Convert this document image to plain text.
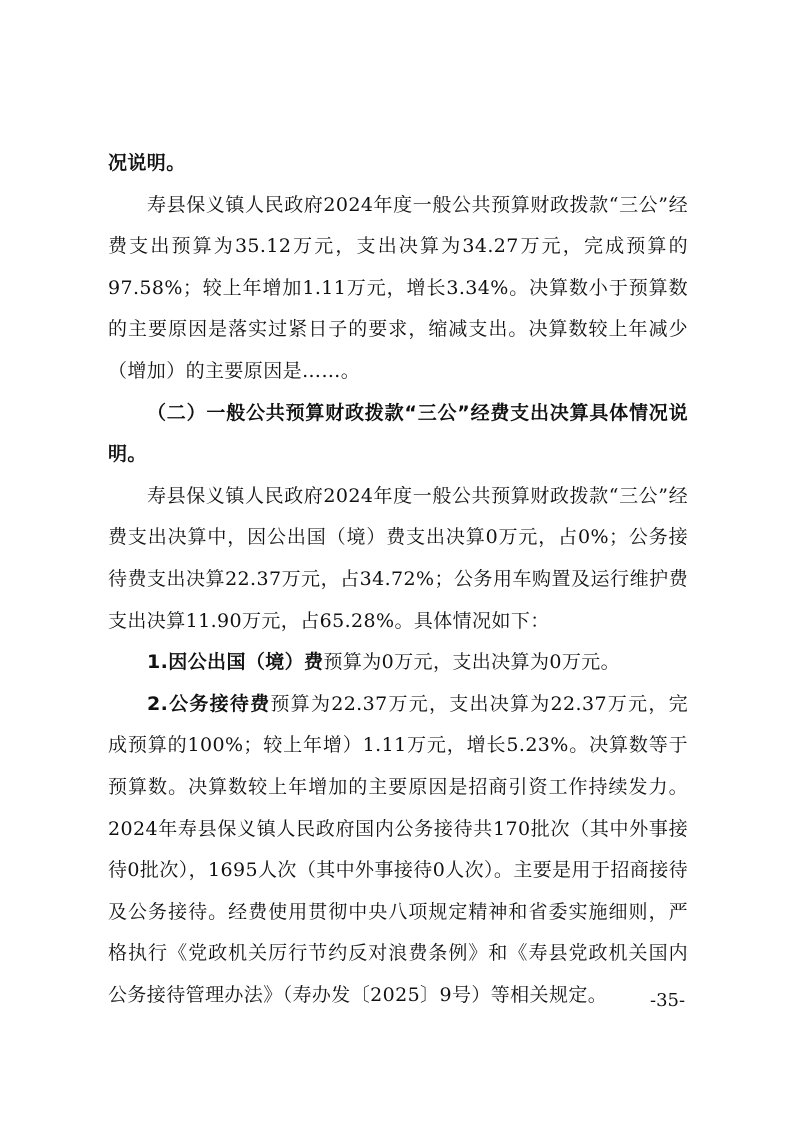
况说明。

寿县保义镇人民政府2024年度一般公共预算财政拨款“三公”经费支出预算为35.12万元，支出决算为34.27万元，完成预算的97.58%；较上年增加1.11万元，增长3.34%。决算数小于预算数的主要原因是落实过紧日子的要求，缩减支出。决算数较上年减少（增加）的主要原因是……。

（二）一般公共预算财政拨款“三公”经费支出决算具体情况说明。

寿县保义镇人民政府2024年度一般公共预算财政拨款“三公”经费支出决算中，因公出国（境）费支出决算0万元，占0%；公务接待费支出决算22.37万元，占34.72%；公务用车购置及运行维护费支出决算11.90万元，占65.28%。具体情况如下：

1.因公出国（境）费预算为0万元，支出决算为0万元。

2.公务接待费预算为22.37万元，支出决算为22.37万元，完成预算的100%；较上年增）1.11万元，增长5.23%。决算数等于预算数。决算数较上年增加的主要原因是招商引资工作持续发力。2024年寿县保义镇人民政府国内公务接待共170批次（其中外事接待0批次），1695人次（其中外事接待0人次）。主要是用于招商接待及公务接待。经费使用贯彻中央八项规定精神和省委实施细则，严格执行《党政机关厉行节约反对浪费条例》和《寿县党政机关国内公务接待管理办法》（寿办发〔2025〕9号）等相关规定。	-35-
